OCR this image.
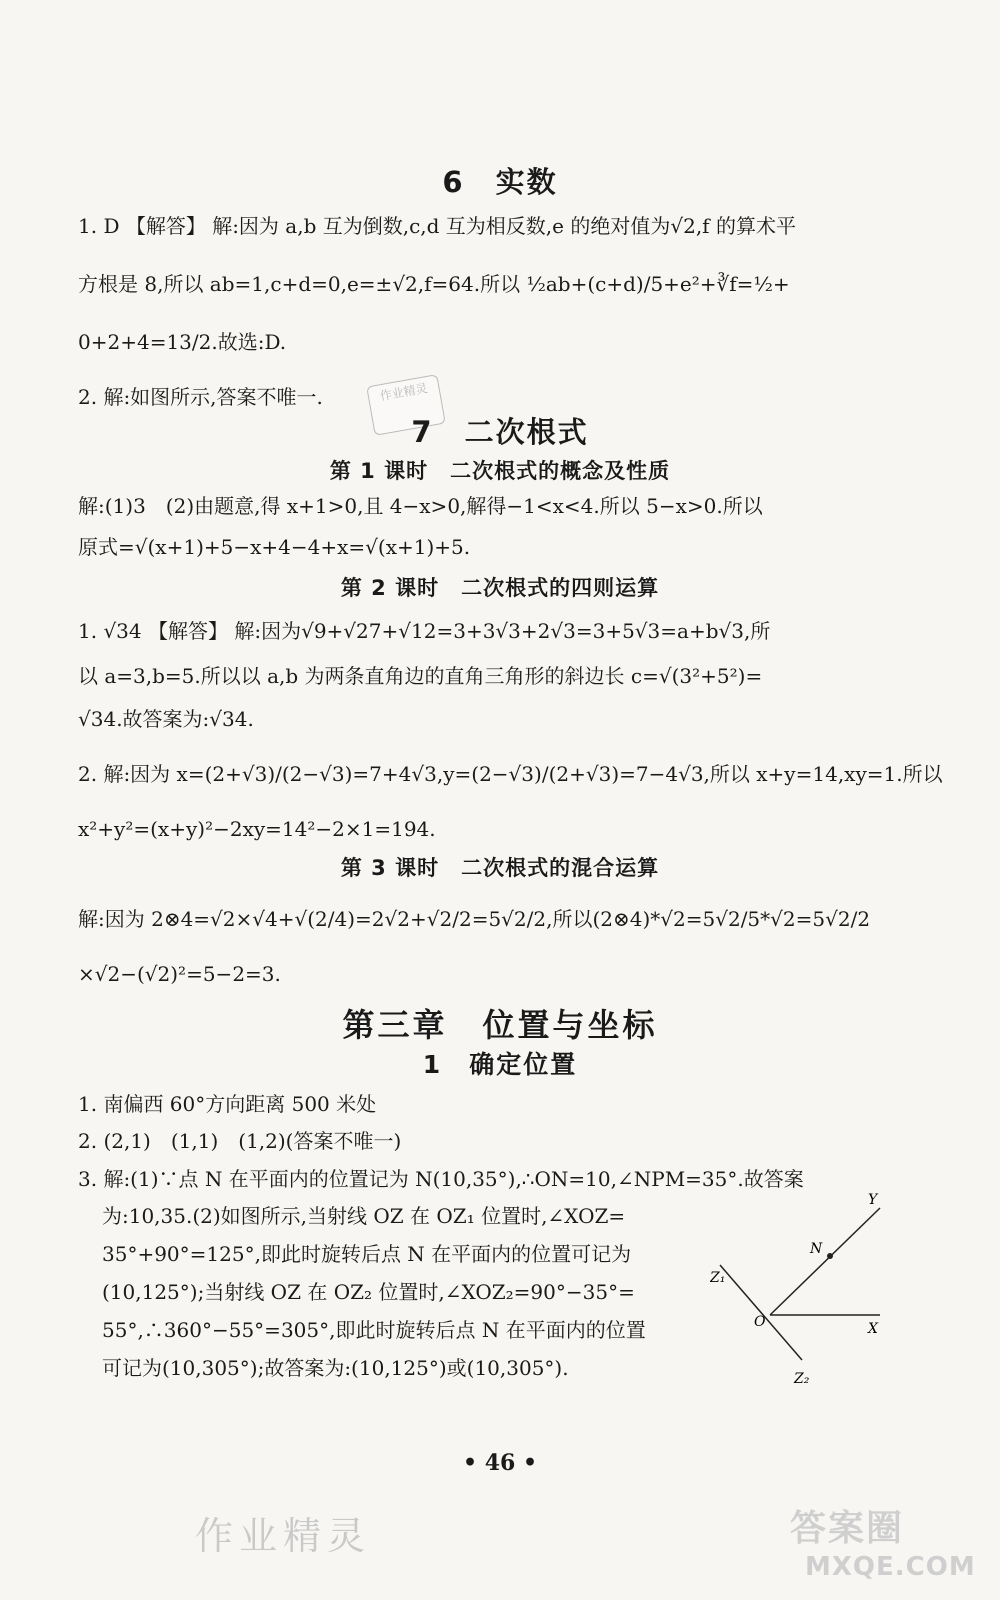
6　实数
1. D 【解答】 解:因为 a,b 互为倒数,c,d 互为相反数,e 的绝对值为√2,f 的算术平
方根是 8,所以 ab=1,c+d=0,e=±√2,f=64.所以 ½ab+(c+d)/5+e²+∛f=½+
0+2+4=13/2.故选:D.
2. 解:如图所示,答案不唯一.	作业精灵
7　二次根式
第 1 课时　二次根式的概念及性质
解:(1)3　(2)由题意,得 x+1>0,且 4−x>0,解得−1<x<4.所以 5−x>0.所以
原式=√(x+1)+5−x+4−4+x=√(x+1)+5.
第 2 课时　二次根式的四则运算
1. √34 【解答】 解:因为√9+√27+√12=3+3√3+2√3=3+5√3=a+b√3,所
以 a=3,b=5.所以以 a,b 为两条直角边的直角三角形的斜边长 c=√(3²+5²)=
√34.故答案为:√34.
2. 解:因为 x=(2+√3)/(2−√3)=7+4√3,y=(2−√3)/(2+√3)=7−4√3,所以 x+y=14,xy=1.所以
x²+y²=(x+y)²−2xy=14²−2×1=194.
第 3 课时　二次根式的混合运算
解:因为 2⊗4=√2×√4+√(2/4)=2√2+√2/2=5√2/2,所以(2⊗4)*√2=5√2/5*√2=5√2/2
×√2−(√2)²=5−2=3.
第三章　位置与坐标
1　确定位置
1. 南偏西 60°方向距离 500 米处
2. (2,1)　(1,1)　(1,2)(答案不唯一)
3. 解:(1)∵点 N 在平面内的位置记为 N(10,35°),∴ON=10,∠NPM=35°.故答案
为:10,35.(2)如图所示,当射线 OZ 在 OZ₁ 位置时,∠XOZ=
35°+90°=125°,即此时旋转后点 N 在平面内的位置可记为
(10,125°);当射线 OZ 在 OZ₂ 位置时,∠XOZ₂=90°−35°=
55°,∴360°−55°=305°,即此时旋转后点 N 在平面内的位置
可记为(10,305°);故答案为:(10,125°)或(10,305°).
Y
N
Z₁
O	X
Z₂
• 46 •
作业精灵	答案圈
MXQE.COM
